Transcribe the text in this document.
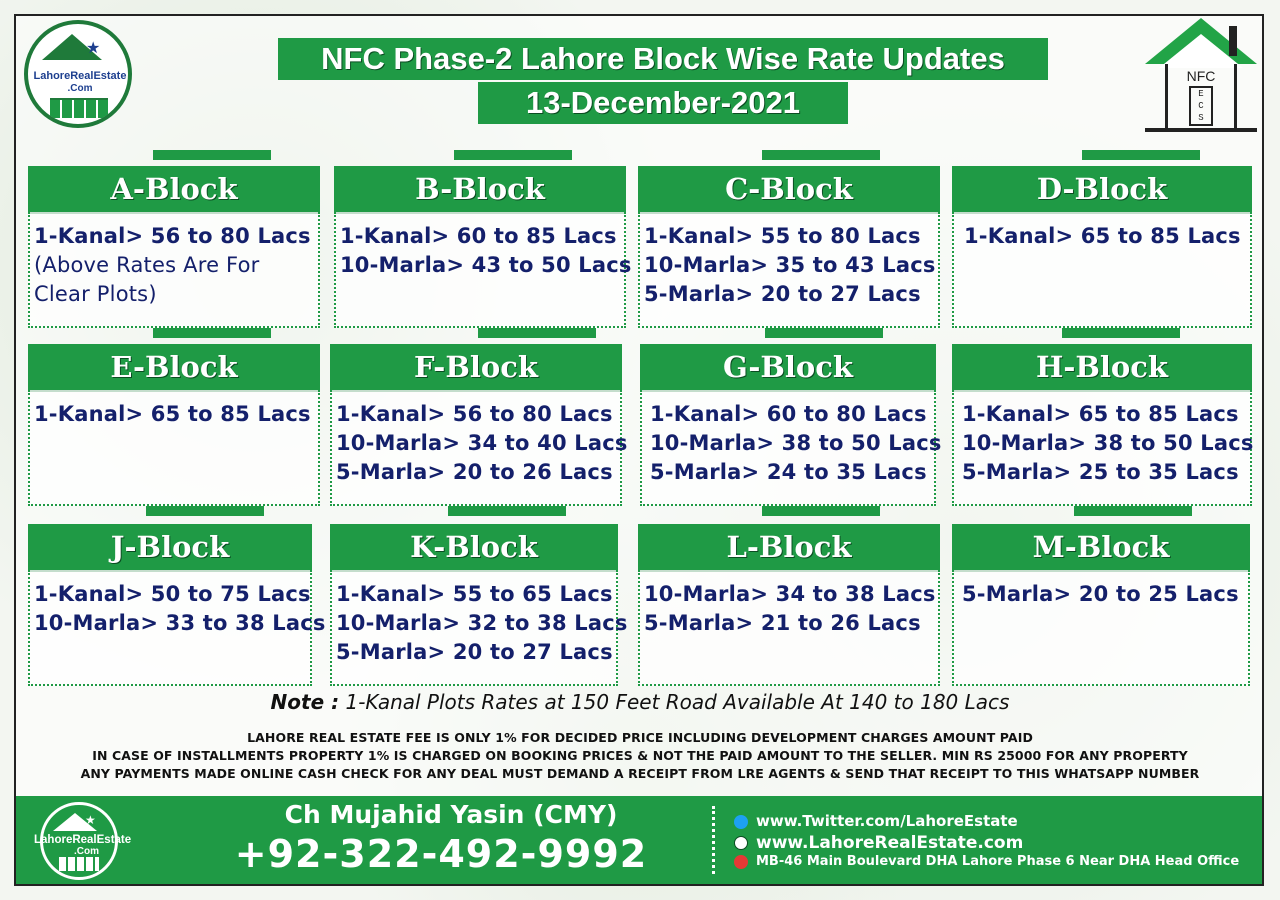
★
LahoreRealEstate
.Com
NFC
E
C
S
NFC Phase-2 Lahore Block Wise Rate Updates
13-December-2021
A-Block
1-Kanal> 56 to 80 Lacs
(Above Rates Are For
Clear Plots)
B-Block
1-Kanal> 60 to 85 Lacs
10-Marla> 43 to 50 Lacs
C-Block
1-Kanal> 55 to 80 Lacs
10-Marla> 35 to 43 Lacs
5-Marla> 20 to 27 Lacs
D-Block
1-Kanal> 65 to 85 Lacs
E-Block
1-Kanal> 65 to 85 Lacs
F-Block
1-Kanal> 56 to 80 Lacs
10-Marla> 34 to 40 Lacs
5-Marla> 20 to 26 Lacs
G-Block
1-Kanal> 60 to 80 Lacs
10-Marla> 38 to 50 Lacs
5-Marla> 24 to 35 Lacs
H-Block
1-Kanal> 65 to 85 Lacs
10-Marla> 38 to 50 Lacs
5-Marla> 25 to 35 Lacs
J-Block
1-Kanal> 50 to 75 Lacs
10-Marla> 33 to 38 Lacs
K-Block
1-Kanal> 55 to 65 Lacs
10-Marla> 32 to 38 Lacs
5-Marla> 20 to 27 Lacs
L-Block
10-Marla> 34 to 38 Lacs
5-Marla> 21 to 26 Lacs
M-Block
5-Marla> 20 to 25 Lacs
Note : 1-Kanal Plots Rates at 150 Feet Road Available At 140 to 180 Lacs
LAHORE REAL ESTATE FEE IS ONLY 1% FOR DECIDED PRICE INCLUDING DEVELOPMENT CHARGES AMOUNT PAID
IN CASE OF INSTALLMENTS PROPERTY 1% IS CHARGED ON BOOKING PRICES & NOT THE PAID AMOUNT TO THE SELLER. MIN RS 25000 FOR ANY PROPERTY
ANY PAYMENTS MADE ONLINE CASH CHECK FOR ANY DEAL MUST DEMAND A RECEIPT FROM LRE AGENTS & SEND THAT RECEIPT TO THIS WHATSAPP NUMBER
★
LahoreRealEstate
.Com
Ch Mujahid Yasin (CMY)
+92-322-492-9992
www.Twitter.com/LahoreEstate
www.LahoreRealEstate.com
MB-46 Main Boulevard DHA Lahore Phase 6 Near DHA Head Office
